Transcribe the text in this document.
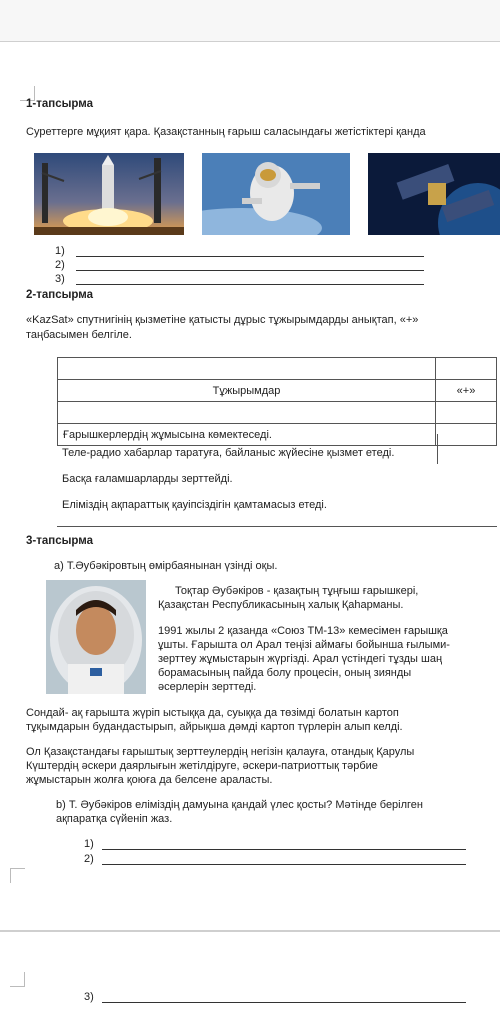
1-тапсырма
Суреттерге мұқият қара. Қазақстанның ғарыш саласындағы жетістіктері қанда
1)
2)
3)
2-тапсырма
«KazSat» спутнигінің қызметіне қатысты дұрыс тұжырымдарды анықтап, «+»
таңбасымен белгіле.

Тұжырымдар	«+»

Ғарышкерлердің жұмысына көмектеседі.	
Теле-радио хабарлар таратуға, байланыс жүйесіне қызмет етеді.
Басқа ғаламшарларды зерттейді.
Еліміздің ақпараттық қауіпсіздігін қамтамасыз етеді.
3-тапсырма
а) Т.Әубәкіровтың өмірбаянынан үзінді оқы.
Тоқтар Әубәкіров - қазақтың тұңғыш ғарышкері,
Қазақстан Республикасының халық Қаһарманы.
1991 жылы 2 қазанда «Союз ТМ-13» кемесімен ғарышқа
ұшты. Ғарышта ол Арал теңізі аймағы бойынша ғылыми-
зерттеу жұмыстарын жүргізді. Арал үстіндегі тұзды шаң
борамасының пайда болу процесін, оның зиянды
әсерлерін зерттеді.
Сондай- ақ ғарышта жүріп ыстыққа да, суыққа да төзімді болатын картоп
тұқымдарын будандастырып, айрықша дәмді картоп түрлерін алып келді.
Ол Қазақстандағы ғарыштық зерттеулердің негізін қалауға, отандық Қарулы
Күштердің әскери даярлығын жетілдіруге, әскери-патриоттық тәрбие
жұмыстарын жолға қоюға да белсене араласты.
b) Т. Әубәкіров еліміздің дамуына қандай үлес қосты? Мәтінде берілген
ақпаратқа сүйеніп жаз.
1)
2)
3)
